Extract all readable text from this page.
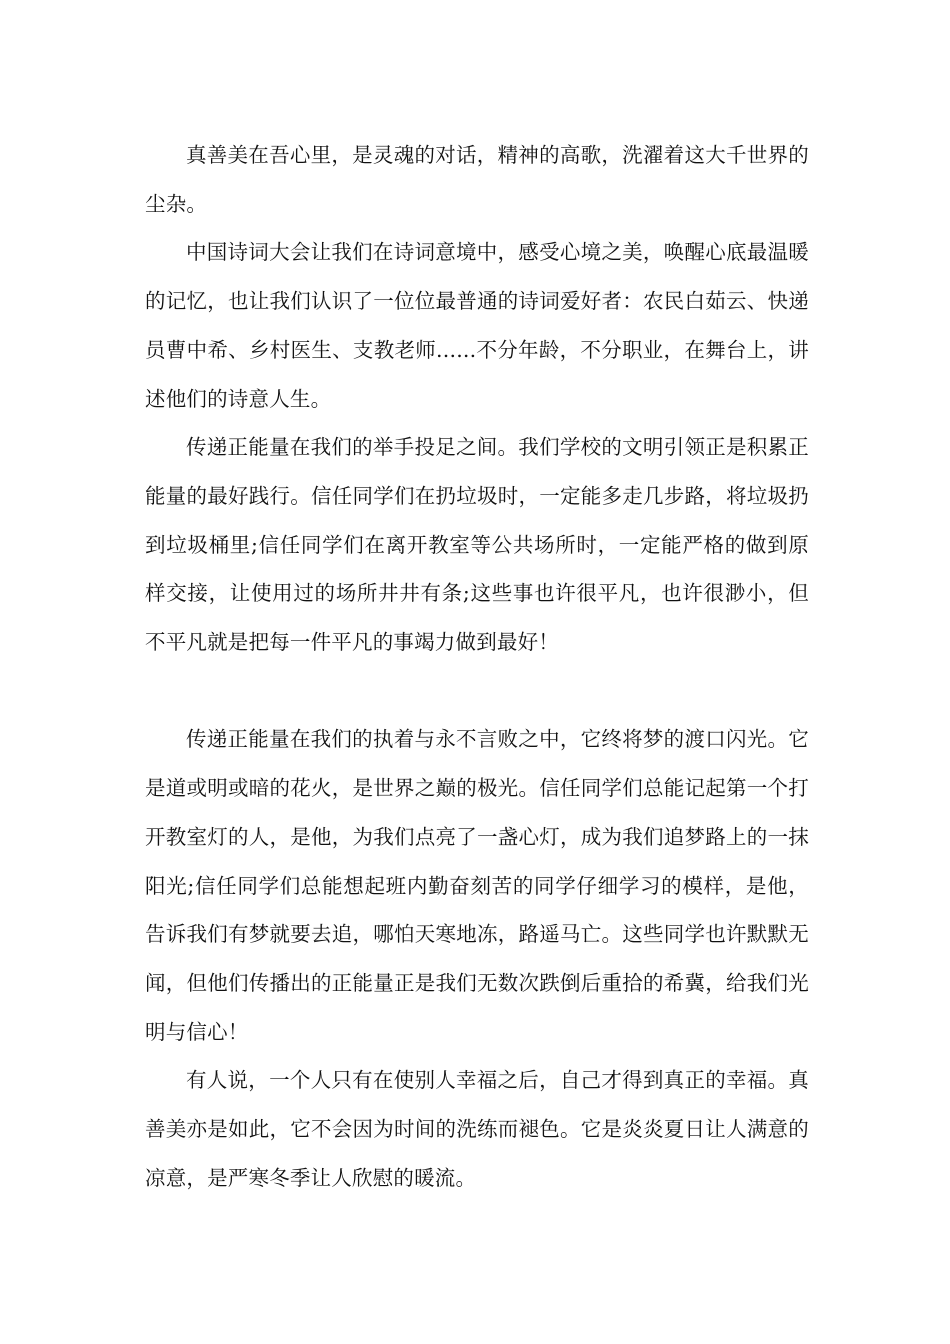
真善美在吾心里，是灵魂的对话，精神的高歌，洗濯着这大千世界的尘杂。

中国诗词大会让我们在诗词意境中，感受心境之美，唤醒心底最温暖的记忆，也让我们认识了一位位最普通的诗词爱好者：农民白茹云、快递员曹中希、乡村医生、支教老师......不分年龄，不分职业，在舞台上，讲述他们的诗意人生。

传递正能量在我们的举手投足之间。我们学校的文明引领正是积累正能量的最好践行。信任同学们在扔垃圾时，一定能多走几步路，将垃圾扔到垃圾桶里;信任同学们在离开教室等公共场所时，一定能严格的做到原样交接，让使用过的场所井井有条;这些事也许很平凡，也许很渺小，但不平凡就是把每一件平凡的事竭力做到最好！

传递正能量在我们的执着与永不言败之中，它终将梦的渡口闪光。它是道或明或暗的花火，是世界之巅的极光。信任同学们总能记起第一个打开教室灯的人，是他，为我们点亮了一盏心灯，成为我们追梦路上的一抹阳光;信任同学们总能想起班内勤奋刻苦的同学仔细学习的模样，是他，告诉我们有梦就要去追，哪怕天寒地冻，路遥马亡。这些同学也许默默无闻，但他们传播出的正能量正是我们无数次跌倒后重拾的希冀，给我们光明与信心！

有人说，一个人只有在使别人幸福之后，自己才得到真正的幸福。真善美亦是如此，它不会因为时间的洗练而褪色。它是炎炎夏日让人满意的凉意，是严寒冬季让人欣慰的暖流。
